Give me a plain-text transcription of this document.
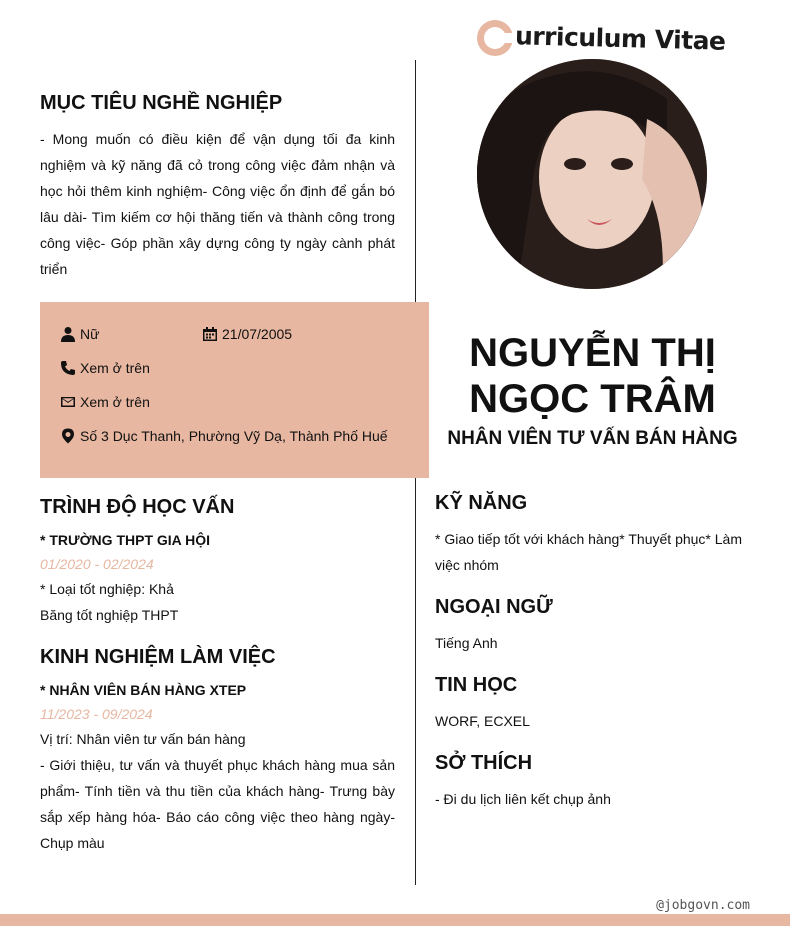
urriculum Vitae
NGUYỄN THỊ
NGỌC TRÂM
NHÂN VIÊN TƯ VẤN BÁN HÀNG
MỤC TIÊU NGHỀ NGHIỆP

- Mong muốn có điều kiện để vận dụng tối đa kinh nghiệm và kỹ năng đã cỏ trong công việc đảm nhận và học hỏi thêm kinh nghiệm- Công việc ổn định để gắn bó lâu dài- Tìm kiếm cơ hội thăng tiến và thành công trong công việc- Góp phần xây dựng công ty ngày cành phát triển

Nữ	21/07/2005
Xem ở trên
Xem ở trên
Số 3 Dục Thanh, Phường Vỹ Dạ, Thành Phố Huế
TRÌNH ĐỘ HỌC VẤN

* TRƯỜNG THPT GIA HỘI

01/2020 - 02/2024

* Loại tốt nghiệp: Khả

Băng tốt nghiệp THPT

KINH NGHIỆM LÀM VIỆC

* NHÂN VIÊN BÁN HÀNG XTEP

11/2023 - 09/2024

Vị trí: Nhân viên tư vấn bán hàng

- Giới thiệu, tư vấn và thuyết phục khách hàng mua sản phẩm- Tính tiền và thu tiền của khách hàng- Trưng bày sắp xếp hàng hóa- Báo cáo công việc theo hàng ngày- Chụp màu

KỸ NĂNG

* Giao tiếp tốt với khách hàng* Thuyết phục* Làm việc nhóm

NGOẠI NGỮ

Tiếng Anh

TIN HỌC

WORF, ECXEL

SỞ THÍCH

- Đi du lịch liên kết chụp ảnh

@jobgovn.com
